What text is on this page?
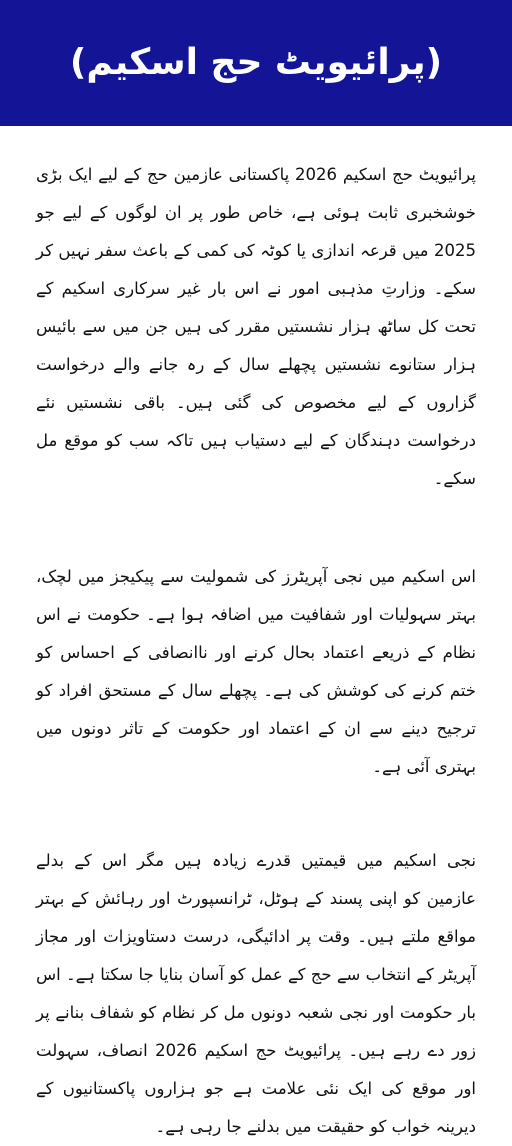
(پرائیویٹ حج اسکیم)

پرائیویٹ حج اسکیم 2026 پاکستانی عازمین حج کے لیے ایک بڑی خوشخبری ثابت ہوئی ہے، خاص طور پر ان لوگوں کے لیے جو 2025 میں قرعہ اندازی یا کوٹہ کی کمی کے باعث سفر نہیں کر سکے۔ وزارتِ مذہبی امور نے اس بار غیر سرکاری اسکیم کے تحت کل ساٹھ ہزار نشستیں مقرر کی ہیں جن میں سے بائیس ہزار ستانوے نشستیں پچھلے سال کے رہ جانے والے درخواست گزاروں کے لیے مخصوص کی گئی ہیں۔ باقی نشستیں نئے درخواست دہندگان کے لیے دستیاب ہیں تاکہ سب کو موقع مل سکے۔

اس اسکیم میں نجی آپریٹرز کی شمولیت سے پیکیجز میں لچک، بہتر سہولیات اور شفافیت میں اضافہ ہوا ہے۔ حکومت نے اس نظام کے ذریعے اعتماد بحال کرنے اور ناانصافی کے احساس کو ختم کرنے کی کوشش کی ہے۔ پچھلے سال کے مستحق افراد کو ترجیح دینے سے ان کے اعتماد اور حکومت کے تاثر دونوں میں بہتری آئی ہے۔

نجی اسکیم میں قیمتیں قدرے زیادہ ہیں مگر اس کے بدلے عازمین کو اپنی پسند کے ہوٹل، ٹرانسپورٹ اور رہائش کے بہتر مواقع ملتے ہیں۔ وقت پر ادائیگی، درست دستاویزات اور مجاز آپریٹر کے انتخاب سے حج کے عمل کو آسان بنایا جا سکتا ہے۔ اس بار حکومت اور نجی شعبہ دونوں مل کر نظام کو شفاف بنانے پر زور دے رہے ہیں۔ پرائیویٹ حج اسکیم 2026 انصاف، سہولت اور موقع کی ایک نئی علامت ہے جو ہزاروں پاکستانیوں کے دیرینہ خواب کو حقیقت میں بدلنے جا رہی ہے۔
